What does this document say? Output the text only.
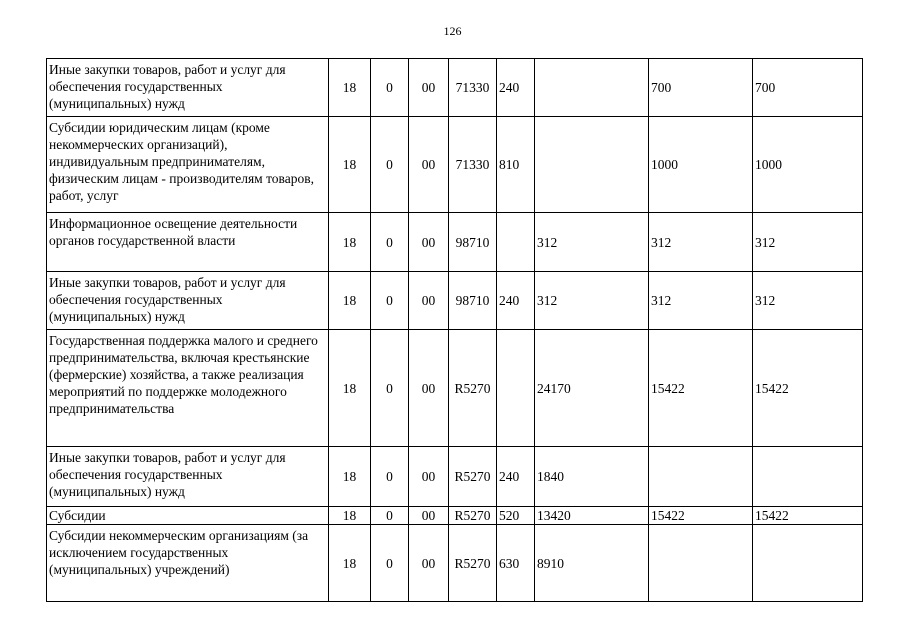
126
Иные закупки товаров, работ и услуг для обеспечения государственных (муниципальных) нужд	18	0	00	71330	240		700	700
Субсидии юридическим лицам (кроме некоммерческих организаций), индивидуальным предпринимателям, физическим лицам - производителям товаров, работ, услуг	18	0	00	71330	810		1000	1000
Информационное освещение деятельности органов государственной власти	18	0	00	98710		312	312	312
Иные закупки товаров, работ и услуг для обеспечения государственных (муниципальных) нужд	18	0	00	98710	240	312	312	312
Государственная поддержка малого и среднего предпринимательства, включая крестьянские (фермерские) хозяйства, а также реализация мероприятий по поддержке молодежного предпринимательства	18	0	00	R5270		24170	15422	15422
Иные закупки товаров, работ и услуг для обеспечения государственных (муниципальных) нужд	18	0	00	R5270	240	1840		
Субсидии	18	0	00	R5270	520	13420	15422	15422
Субсидии некоммерческим организациям (за исключением государственных (муниципальных) учреждений)	18	0	00	R5270	630	8910		
